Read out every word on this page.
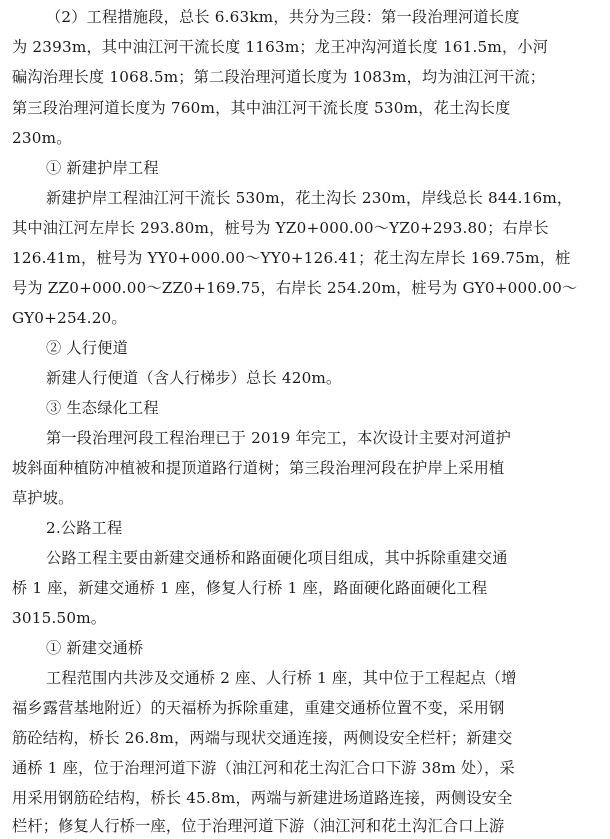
（2）工程措施段，总长 6.63km，共分为三段：第一段治理河道长度
为 2393m，其中油江河干流长度 1163m；龙王冲沟河道长度 161.5m，小河
碥沟治理长度 1068.5m；第二段治理河道长度为 1083m，均为油江河干流；
第三段治理河道长度为 760m，其中油江河干流长度 530m，花土沟长度
230m。
① 新建护岸工程
新建护岸工程油江河干流长 530m，花土沟长 230m，岸线总长 844.16m，
其中油江河左岸长 293.80m，桩号为 YZ0+000.00～YZ0+293.80；右岸长
126.41m，桩号为 YY0+000.00～YY0+126.41；花土沟左岸长 169.75m，桩
号为 ZZ0+000.00～ZZ0+169.75，右岸长 254.20m，桩号为 GY0+000.00～
GY0+254.20。
② 人行便道
新建人行便道（含人行梯步）总长 420m。
③ 生态绿化工程
第一段治理河段工程治理已于 2019 年完工，本次设计主要对河道护
坡斜面种植防冲植被和提顶道路行道树；第三段治理河段在护岸上采用植
草护坡。
2.公路工程
公路工程主要由新建交通桥和路面硬化项目组成，其中拆除重建交通
桥 1 座，新建交通桥 1 座，修复人行桥 1 座，路面硬化路面硬化工程
3015.50m。
① 新建交通桥
工程范围内共涉及交通桥 2 座、人行桥 1 座，其中位于工程起点（增
福乡露营基地附近）的天福桥为拆除重建，重建交通桥位置不变，采用钢
筋砼结构，桥长 26.8m，两端与现状交通连接，两侧设安全栏杆；新建交
通桥 1 座，位于治理河道下游（油江河和花土沟汇合口下游 38m 处），采
用采用钢筋砼结构，桥长 45.8m，两端与新建进场道路连接，两侧设安全
栏杆；修复人行桥一座，位于治理河道下游（油江河和花土沟汇合口上游
